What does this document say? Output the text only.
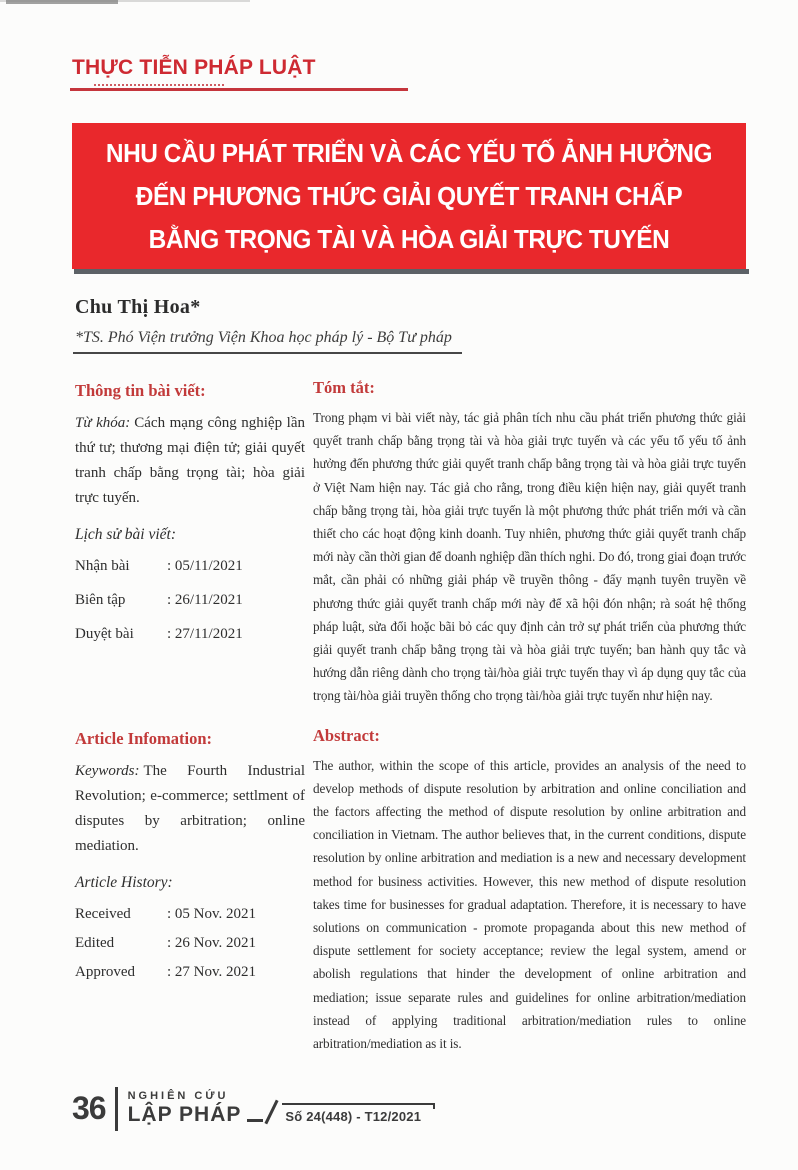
THỰC TIỄN PHÁP LUẬT
NHU CẦU PHÁT TRIỂN VÀ CÁC YẾU TỐ ẢNH HƯỞNG
ĐẾN PHƯƠNG THỨC GIẢI QUYẾT TRANH CHẤP
BẰNG TRỌNG TÀI VÀ HÒA GIẢI TRỰC TUYẾN
Chu Thị Hoa*
*TS. Phó Viện trưởng Viện Khoa học pháp lý - Bộ Tư pháp
Thông tin bài viết:

Từ khóa: Cách mạng công nghiệp lần thứ tư; thương mại điện tử; giải quyết tranh chấp bằng trọng tài; hòa giải trực tuyến.

Lịch sử bài viết:
Nhận bài	: 05/11/2021
Biên tập	: 26/11/2021
Duyệt bài	: 27/11/2021
Tóm tắt:

Trong phạm vi bài viết này, tác giả phân tích nhu cầu phát triển phương thức giải quyết tranh chấp bằng trọng tài và hòa giải trực tuyến và các yếu tố yếu tố ảnh hưởng đến phương thức giải quyết tranh chấp bằng trọng tài và hòa giải trực tuyến ở Việt Nam hiện nay. Tác giả cho rằng, trong điều kiện hiện nay, giải quyết tranh chấp bằng trọng tài, hòa giải trực tuyến là một phương thức phát triển mới và cần thiết cho các hoạt động kinh doanh. Tuy nhiên, phương thức giải quyết tranh chấp mới này cần thời gian để doanh nghiệp dần thích nghi. Do đó, trong giai đoạn trước mắt, cần phải có những giải pháp về truyền thông - đẩy mạnh tuyên truyền về phương thức giải quyết tranh chấp mới này để xã hội đón nhận; rà soát hệ thống pháp luật, sửa đổi hoặc bãi bỏ các quy định cản trở sự phát triển của phương thức giải quyết tranh chấp bằng trọng tài và hòa giải trực tuyến; ban hành quy tắc và hướng dẫn riêng dành cho trọng tài/hòa giải trực tuyến thay vì áp dụng quy tắc của trọng tài/hòa giải truyền thống cho trọng tài/hòa giải trực tuyến như hiện nay.

Article Infomation:

Keywords: The Fourth Industrial Revolution; e-commerce; settlment of disputes by arbitration; online mediation.

Article History:
Received	: 05 Nov. 2021
Edited	: 26 Nov. 2021
Approved	: 27 Nov. 2021
Abstract:

The author, within the scope of this article, provides an analysis of the need to develop methods of dispute resolution by arbitration and online conciliation and the factors affecting the method of dispute resolution by online arbitration and conciliation in Vietnam. The author believes that, in the current conditions, dispute resolution by online arbitration and mediation is a new and necessary development method for business activities. However, this new method of dispute resolution takes time for businesses for gradual adaptation. Therefore, it is necessary to have solutions on communication - promote propaganda about this new method of dispute settlement for society acceptance; review the legal system, amend or abolish regulations that hinder the development of online arbitration and mediation; issue separate rules and guidelines for online arbitration/mediation instead of applying traditional arbitration/mediation rules to online arbitration/mediation as it is.

36 NGHIÊN CỨU
LẬP PHÁP	Số 24(448) - T12/2021
